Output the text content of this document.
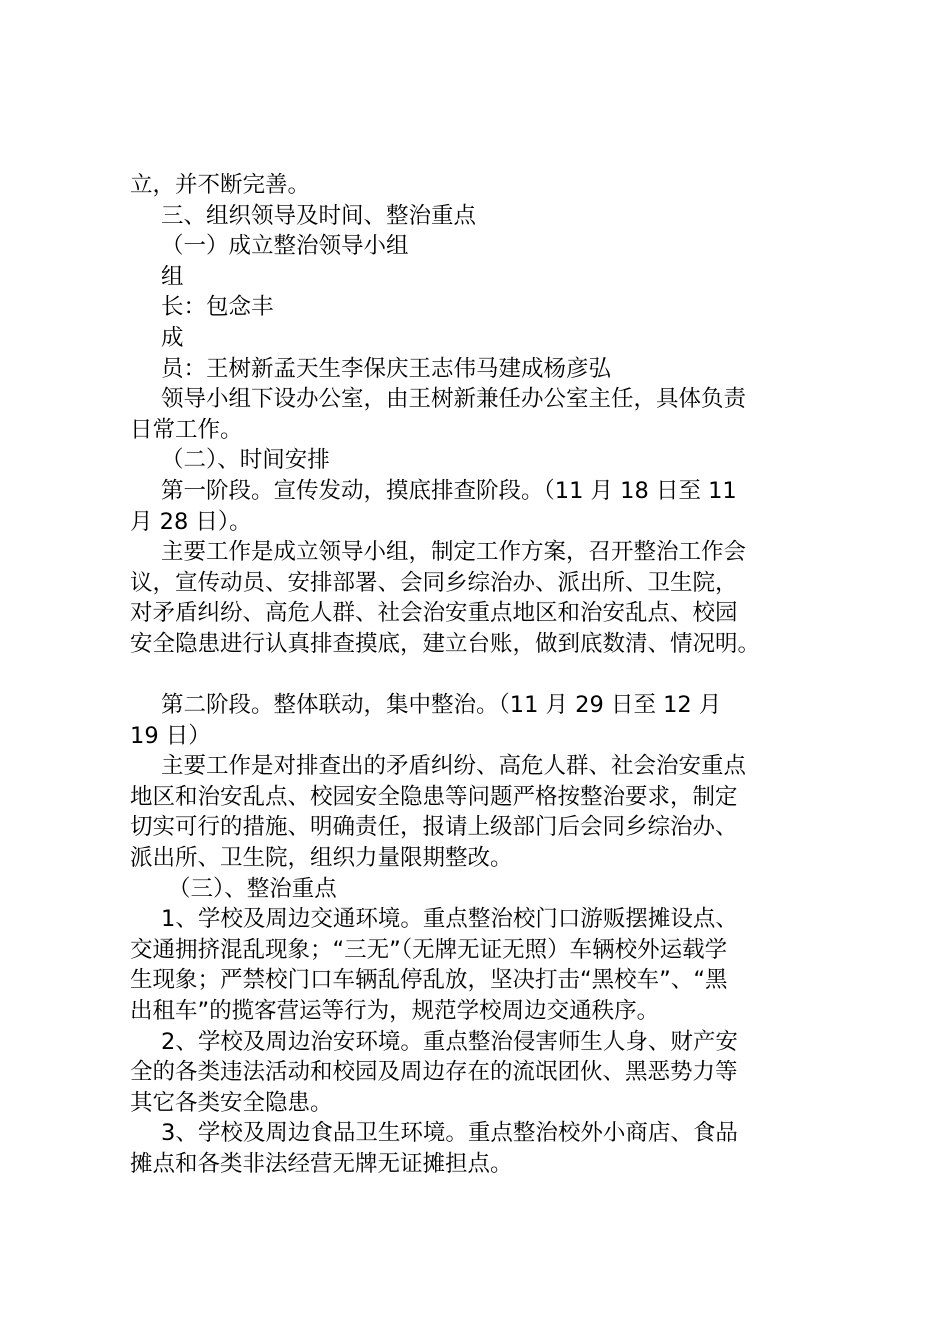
立，并不断完善。
三、组织领导及时间、整治重点
（一）成立整治领导小组
组
长：包念丰
成
员：王树新孟天生李保庆王志伟马建成杨彦弘
领导小组下设办公室，由王树新兼任办公室主任，具体负责
日常工作。
（二）、时间安排
第一阶段。宣传发动，摸底排查阶段。（11 月 18 日至 11
月 28 日）。
主要工作是成立领导小组，制定工作方案，召开整治工作会
议，宣传动员、安排部署、会同乡综治办、派出所、卫生院，
对矛盾纠纷、高危人群、社会治安重点地区和治安乱点、校园
安全隐患进行认真排查摸底，建立台账，做到底数清、情况明。
第二阶段。整体联动，集中整治。（11 月 29 日至 12 月
19 日）
主要工作是对排查出的矛盾纠纷、高危人群、社会治安重点
地区和治安乱点、校园安全隐患等问题严格按整治要求，制定
切实可行的措施、明确责任，报请上级部门后会同乡综治办、
派出所、卫生院，组织力量限期整改。
（三）、整治重点
1、学校及周边交通环境。重点整治校门口游贩摆摊设点、
交通拥挤混乱现象；“三无”（无牌无证无照）车辆校外运载学
生现象；严禁校门口车辆乱停乱放，坚决打击“黑校车”、“黑
出租车”的揽客营运等行为，规范学校周边交通秩序。
2、学校及周边治安环境。重点整治侵害师生人身、财产安
全的各类违法活动和校园及周边存在的流氓团伙、黑恶势力等
其它各类安全隐患。
3、学校及周边食品卫生环境。重点整治校外小商店、食品
摊点和各类非法经营无牌无证摊担点。
